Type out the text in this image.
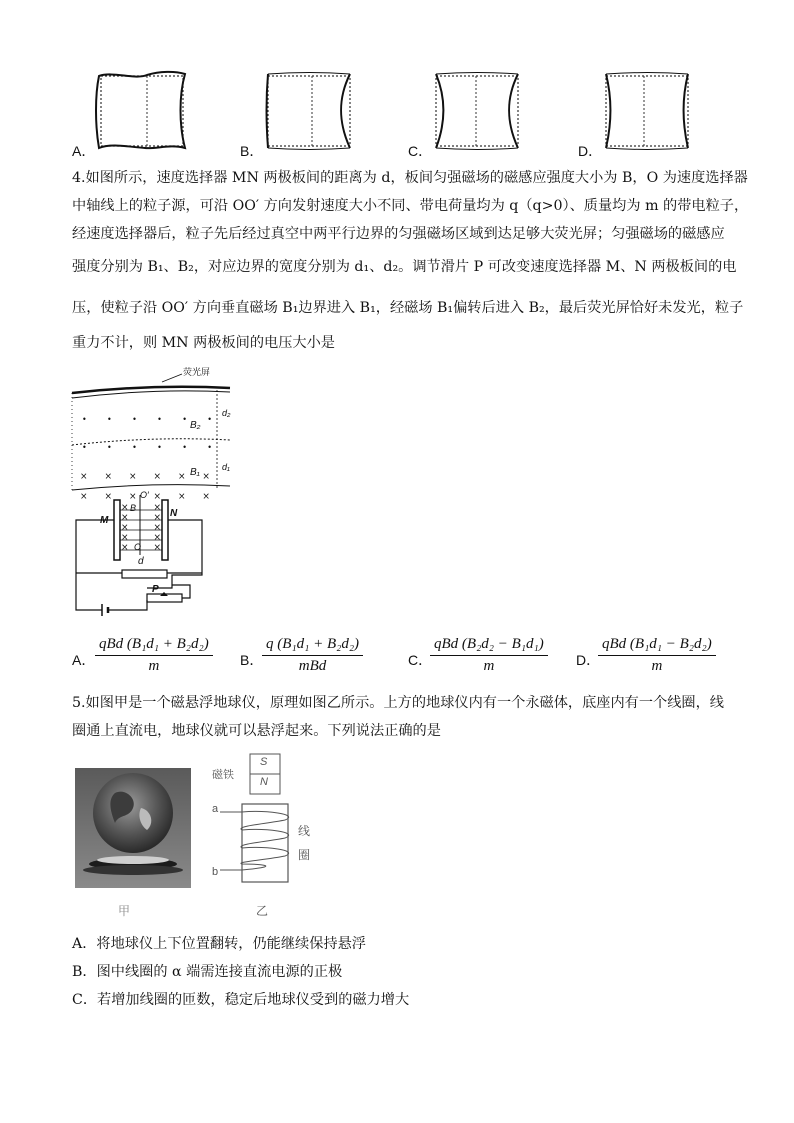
A．	B．	C．	D．
4.如图所示，速度选择器 MN 两极板间的距离为 d，板间匀强磁场的磁感应强度大小为 B，O 为速度选择器
中轴线上的粒子源，可沿 OO′ 方向发射速度大小不同、带电荷量均为 q（q>0）、质量均为 m 的带电粒子，
经速度选择器后，粒子先后经过真空中两平行边界的匀强磁场区域到达足够大荧光屏；匀强磁场的磁感应
强度分别为 B₁、B₂，对应边界的宽度分别为 d₁、d₂。调节滑片 P 可改变速度选择器 M、N 两极板间的电
压，使粒子沿 OO′ 方向垂直磁场 B₁边界进入 B₁，经磁场 B₁偏转后进入 B₂，最后荧光屏恰好未发光，粒子
重力不计，则 MN 两极板间的电压大小是
荧光屏
B₂
B₁
d₂
d₁
M
N
O′
B
O
d
P
•	•	•	•	•	•
•	•	•	•	•	•
× × × × × ×
× × × × × ×
×	×
×	×
×	×
×	×
×	×
A．
qBd (B₁d₁ + B₂d₂)
m	B．
q (B₁d₁ + B₂d₂)
mBd	C．
qBd (B₂d₂ − B₁d₁)
m	D．
qBd (B₁d₁ − B₂d₂)
m
5.如图甲是一个磁悬浮地球仪，原理如图乙所示。上方的地球仪内有一个永磁体，底座内有一个线圈，线
圈通上直流电，地球仪就可以悬浮起来。下列说法正确的是
甲
磁铁
S
N
a
b
线
圈
乙
A．将地球仪上下位置翻转，仍能继续保持悬浮
B．图中线圈的 α 端需连接直流电源的正极
C．若增加线圈的匝数，稳定后地球仪受到的磁力增大
